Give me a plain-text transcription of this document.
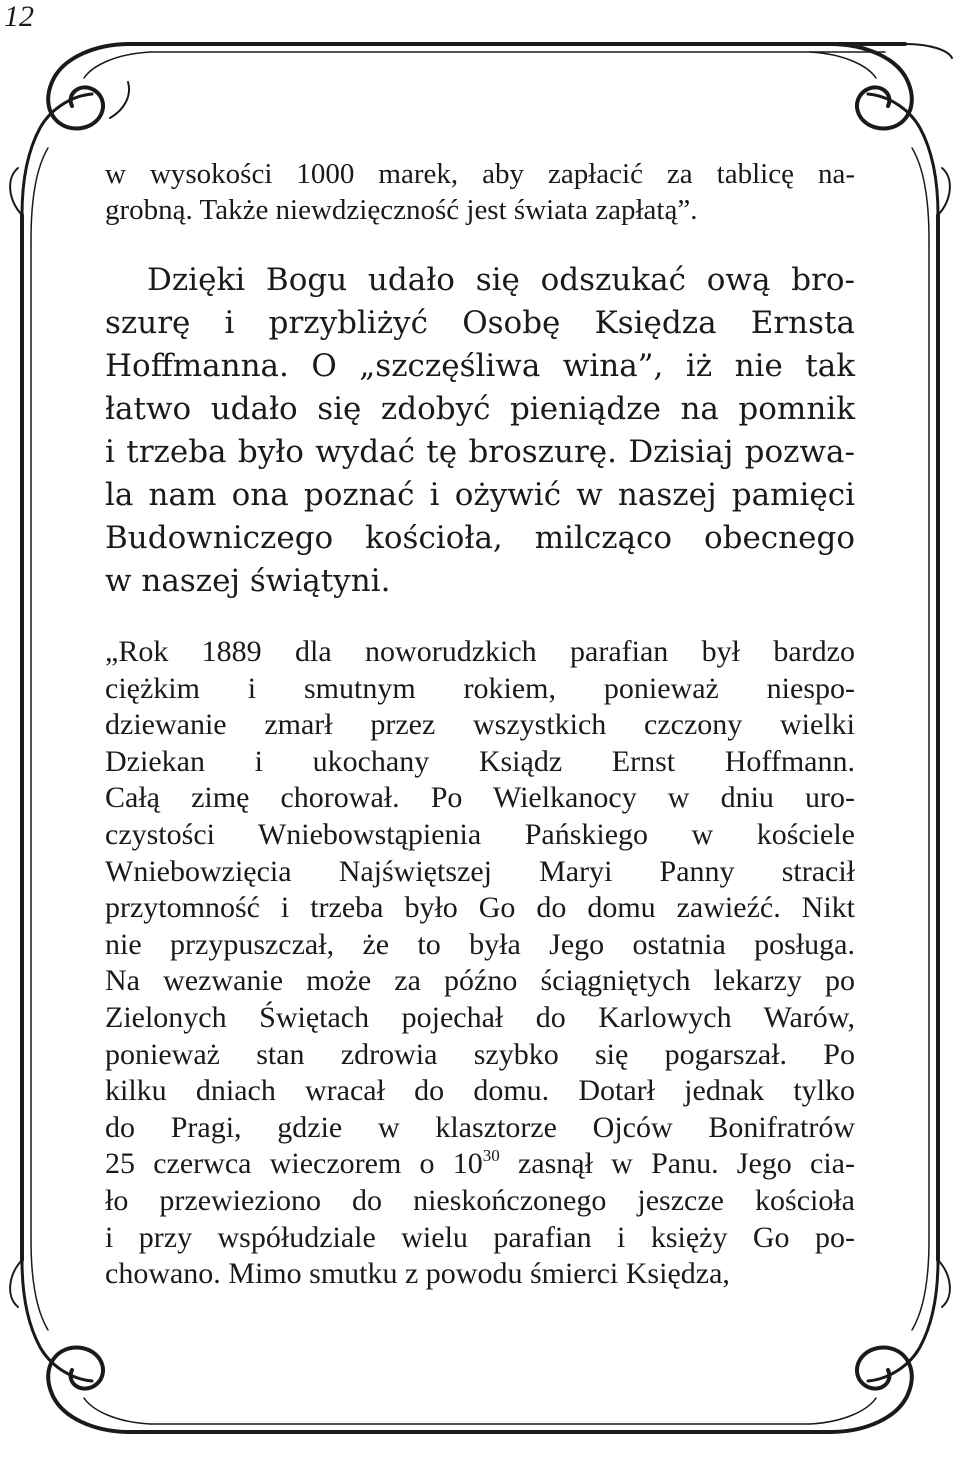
12
w wysokości 1000 marek, aby zapłacić za tablicę na-
grobną. Także niewdzięczność jest świata zapłatą”.
Dzięki Bogu udało się odszukać ową bro-
szurę i przybliżyć Osobę Księdza Ernsta
Hoffmanna. O „szczęśliwa wina”, iż nie tak
łatwo udało się zdobyć pieniądze na pomnik
i trzeba było wydać tę broszurę. Dzisiaj pozwa-
la nam ona poznać i ożywić w naszej pamięci
Budowniczego kościoła, milcząco obecnego
w naszej świątyni.
„Rok 1889 dla noworudzkich parafian był bardzo
ciężkim i smutnym rokiem, ponieważ niespo-
dziewanie zmarł przez wszystkich czczony wielki
Dziekan i ukochany Ksiądz Ernst Hoffmann.
Całą zimę chorował. Po Wielkanocy w dniu uro-
czystości Wniebowstąpienia Pańskiego w kościele
Wniebowzięcia Najświętszej Maryi Panny stracił
przytomność i trzeba było Go do domu zawieźć. Nikt
nie przypuszczał, że to była Jego ostatnia posługa.
Na wezwanie może za późno ściągniętych lekarzy po
Zielonych Świętach pojechał do Karlowych Warów,
ponieważ stan zdrowia szybko się pogarszał. Po
kilku dniach wracał do domu. Dotarł jednak tylko
do Pragi, gdzie w klasztorze Ojców Bonifratrów
25 czerwca wieczorem o $10^{30}$ zasnął w Panu. Jego cia-
ło przewieziono do nieskończonego jeszcze kościoła
i przy współudziale wielu parafian i księży Go po-
chowano. Mimo smutku z powodu śmierci Księdza,
